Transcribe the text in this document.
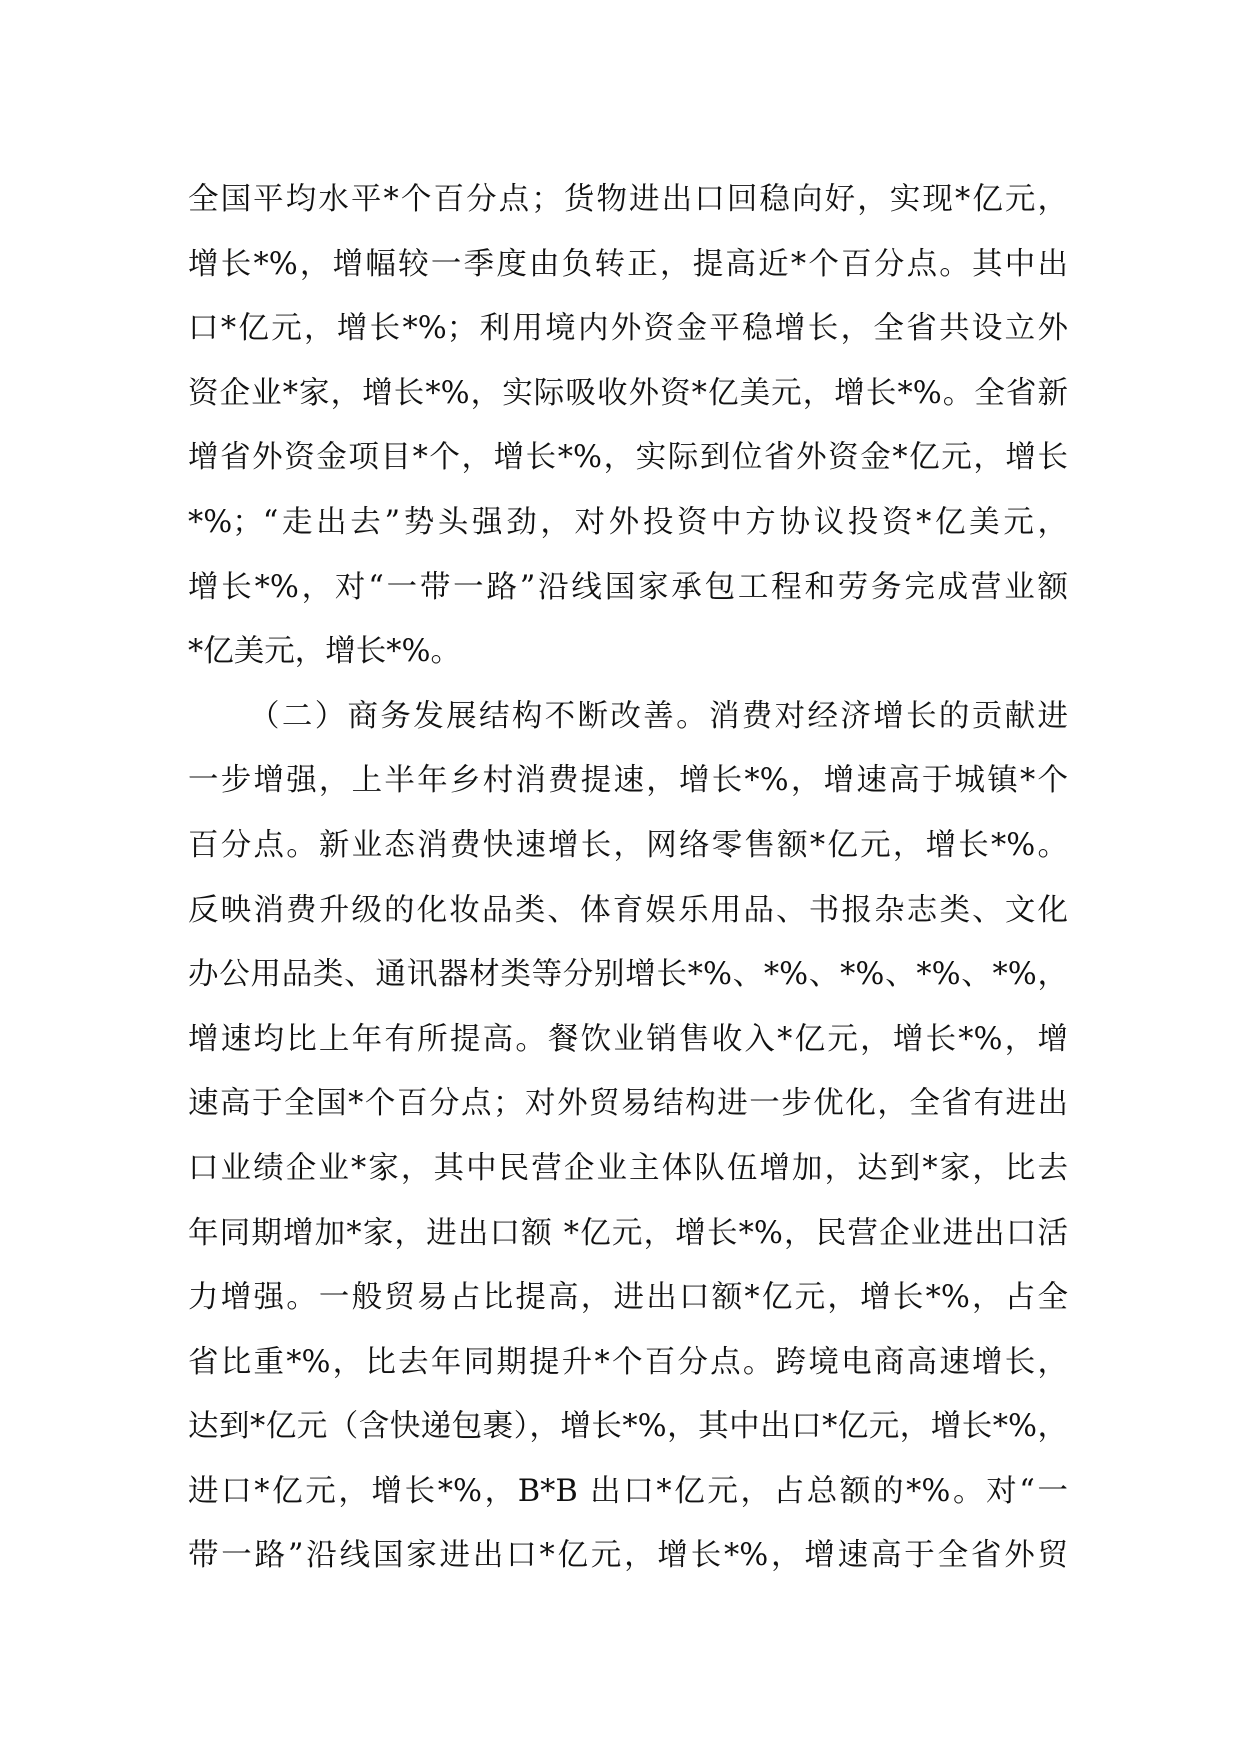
全国平均水平*个百分点；货物进出口回稳向好，实现*亿元，
增长*%，增幅较一季度由负转正，提高近*个百分点。其中出
口*亿元，增长*%；利用境内外资金平稳增长，全省共设立外
资企业*家，增长*%，实际吸收外资*亿美元，增长*%。全省新
增省外资金项目*个，增长*%，实际到位省外资金*亿元，增长
*%；“走出去”势头强劲，对外投资中方协议投资*亿美元，
增长*%，对“一带一路”沿线国家承包工程和劳务完成营业额
*亿美元，增长*%。
（二）商务发展结构不断改善。消费对经济增长的贡献进
一步增强，上半年乡村消费提速，增长*%，增速高于城镇*个
百分点。新业态消费快速增长，网络零售额*亿元，增长*%。
反映消费升级的化妆品类、体育娱乐用品、书报杂志类、文化
办公用品类、通讯器材类等分别增长*%、*%、*%、*%、*%，
增速均比上年有所提高。餐饮业销售收入*亿元，增长*%，增
速高于全国*个百分点；对外贸易结构进一步优化，全省有进出
口业绩企业*家，其中民营企业主体队伍增加，达到*家，比去
年同期增加*家，进出口额 *亿元，增长*%，民营企业进出口活
力增强。一般贸易占比提高，进出口额*亿元，增长*%，占全
省比重*%，比去年同期提升*个百分点。跨境电商高速增长，
达到*亿元（含快递包裹），增长*%，其中出口*亿元，增长*%，
进口*亿元，增长*%，B*B 出口*亿元，占总额的*%。对“一
带一路”沿线国家进出口*亿元，增长*%，增速高于全省外贸
